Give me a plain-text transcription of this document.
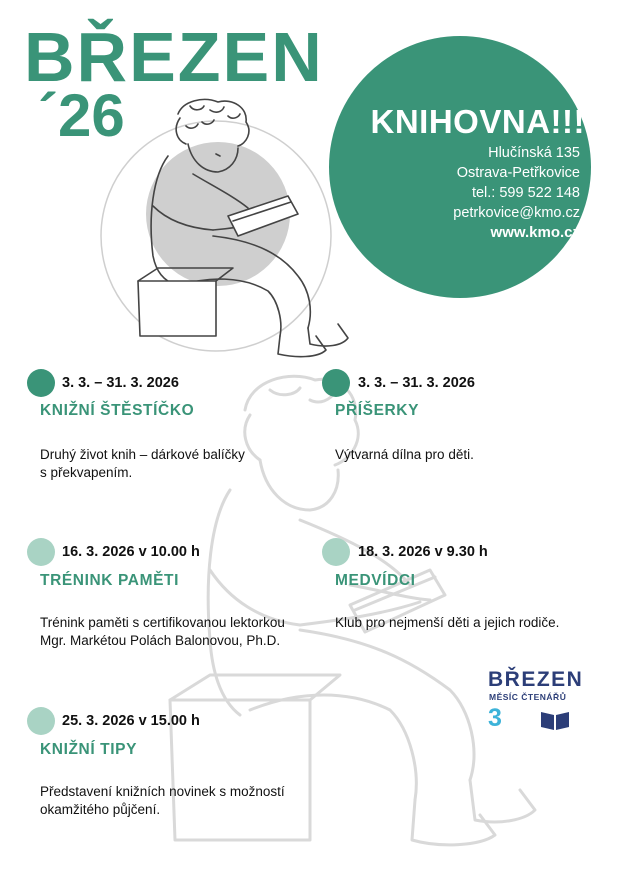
BŘEZEN
´26	KNIHOVNA!!!
Hlučínská 135
Ostrava-Petřkovice
tel.: 599 522 148
petrkovice@kmo.cz
www.kmo.cz
3. 3. – 31. 3. 2026
KNIŽNÍ ŠTĚSTÍČKO
Druhý život knih – dárkové balíčky
s překvapením.
3. 3. – 31. 3. 2026
PŘÍŠERKY
Výtvarná dílna pro děti.
16. 3. 2026 v 10.00 h
TRÉNINK PAMĚTI
Trénink paměti s certifikovanou lektorkou
Mgr. Markétou Polách Balonovou, Ph.D.
18. 3. 2026 v 9.30 h
MEDVÍDCI
Klub pro nejmenší děti a jejich rodiče.
25. 3. 2026 v 15.00 h
KNIŽNÍ TIPY
Představení knižních novinek s možností
okamžitého půjčení.
BŘEZEN
MĚSÍC ČTENÁŘŮ
3
